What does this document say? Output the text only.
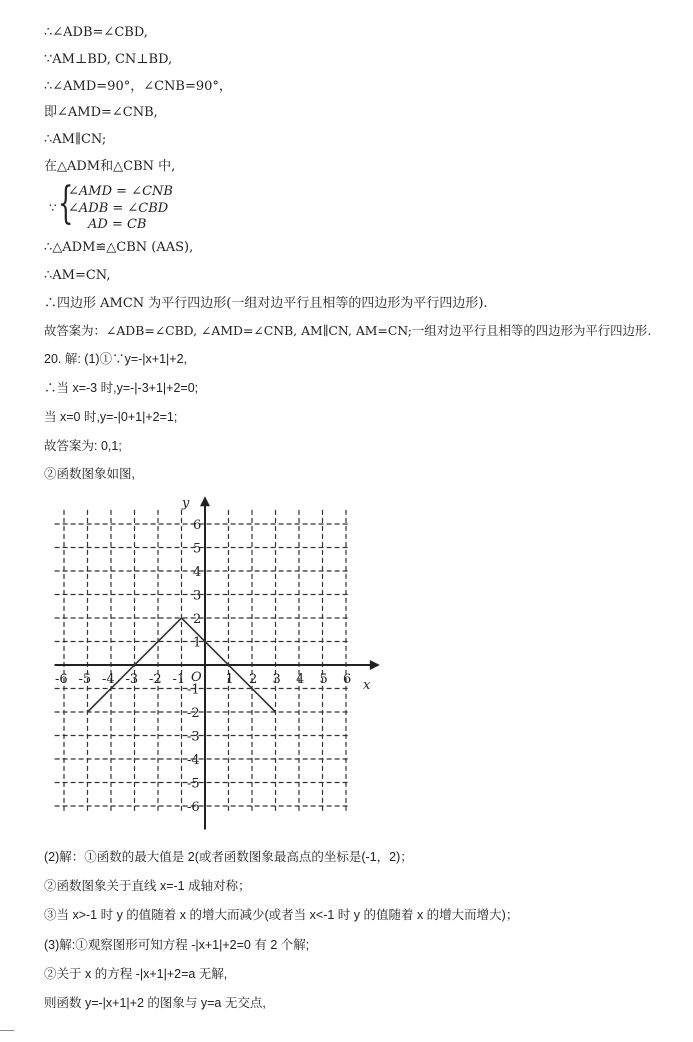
∴∠ADB=∠CBD,
∵AM⊥BD, CN⊥BD,
∴∠AMD=90°，∠CNB=90°，
即∠AMD=∠CNB,
∴AM∥CN;
在△ADM和△CBN 中,
∵ {
∠AMD = ∠CNB
∠ADB = ∠CBD
AD = CB
∴△ADM≌△CBN (AAS),
∴AM=CN,
∴四边形 AMCN 为平行四边形(一组对边平行且相等的四边形为平行四边形).
故答案为：∠ADB=∠CBD, ∠AMD=∠CNB, AM∥CN, AM=CN;一组对边平行且相等的四边形为平行四边形.
20. 解: (1)①∵y=-|x+1|+2,
∴当 x=-3 时,y=-|-3+1|+2=0;
当 x=0 时,y=-|0+1|+2=1;
故答案为: 0,1;
②函数图象如图,
-6 -5 -4 -3 -2 -1	1 2 3 4 5 6
-6
-5
-4
-3
-2
-1
1
2
3
4
5
6
x
y
O
(2)解：①函数的最大值是 2(或者函数图象最高点的坐标是(-1，2)；
②函数图象关于直线 x=-1 成轴对称；
③当 x>-1 时 y 的值随着 x 的增大而减少(或者当 x<-1 时 y 的值随着 x 的增大而增大)；
(3)解:①观察图形可知方程 -|x+1|+2=0 有 2 个解;
②关于 x 的方程 -|x+1|+2=a 无解,
则函数 y=-|x+1|+2 的图象与 y=a 无交点,
